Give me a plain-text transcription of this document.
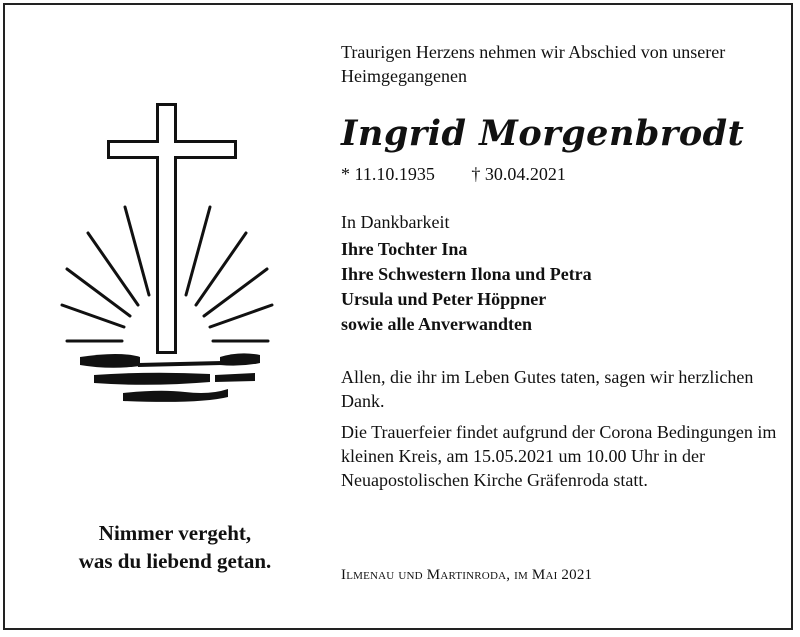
Nimmer vergeht,
was du liebend getan.

Traurigen Herzens nehmen wir Abschied von unserer Heimgegangenen

Ingrid Morgenbrodt

* 11.10.1935 † 30.04.2021
In Dankbarkeit
Ihre Tochter Ina
Ihre Schwestern Ilona und Petra
Ursula und Peter Höppner
sowie alle Anverwandten
Allen, die ihr im Leben Gutes taten, sagen wir herzlichen Dank.
Die Trauerfeier findet aufgrund der Corona Bedingungen im kleinen Kreis, am 15.05.2021 um 10.00 Uhr in der Neuapostolischen Kirche Gräfenroda statt.
Ilmenau und Martinroda, im Mai 2021
